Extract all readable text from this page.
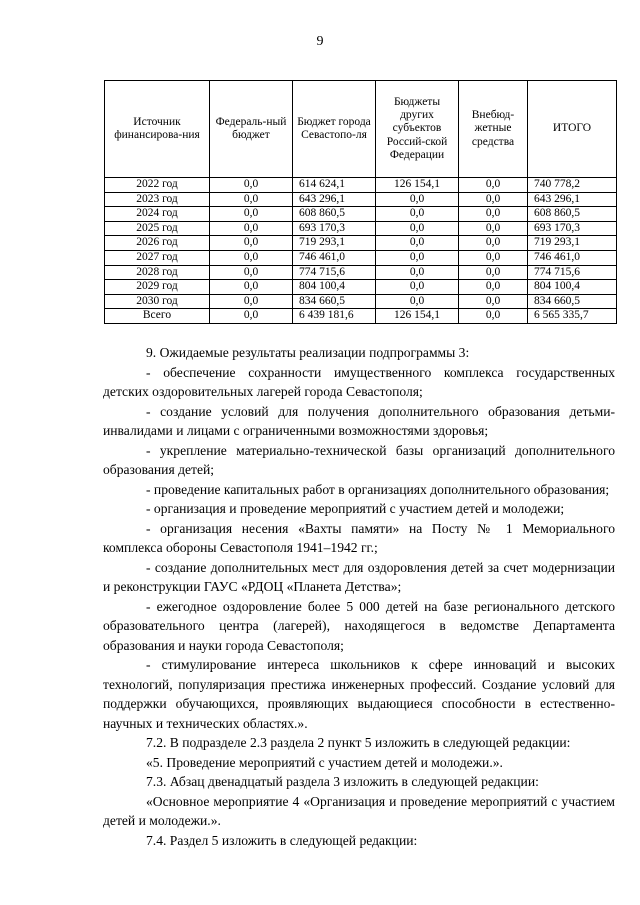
9
Источник финансирова-ния	Федераль-ный бюджет	Бюджет города Севастопо-ля	Бюджеты других субъектов Россий-ской Федерации	Внебюд-жетные средства	ИТОГО
2022 год	0,0	614 624,1	126 154,1	0,0	740 778,2
2023 год	0,0	643 296,1	0,0	0,0	643 296,1
2024 год	0,0	608 860,5	0,0	0,0	608 860,5
2025 год	0,0	693 170,3	0,0	0,0	693 170,3
2026 год	0,0	719 293,1	0,0	0,0	719 293,1
2027 год	0,0	746 461,0	0,0	0,0	746 461,0
2028 год	0,0	774 715,6	0,0	0,0	774 715,6
2029 год	0,0	804 100,4	0,0	0,0	804 100,4
2030 год	0,0	834 660,5	0,0	0,0	834 660,5
Всего	0,0	6 439 181,6	126 154,1	0,0	6 565 335,7

9. Ожидаемые результаты реализации подпрограммы 3:

- обеспечение сохранности имущественного комплекса государственных детских оздоровительных лагерей города Севастополя;

- создание условий для получения дополнительного образования детьми-инвалидами и лицами с ограниченными возможностями здоровья;

- укрепление материально-технической базы организаций дополнительного образования детей;

- проведение капитальных работ в организациях дополнительного образования;

- организация и проведение мероприятий с участием детей и молодежи;

- организация несения «Вахты памяти» на Посту № 1 Мемориального комплекса обороны Севастополя 1941–1942 гг.;

- создание дополнительных мест для оздоровления детей за счет модернизации и реконструкции ГАУС «РДОЦ «Планета Детства»;

- ежегодное оздоровление более 5 000 детей на базе регионального детского образовательного центра (лагерей), находящегося в ведомстве Департамента образования и науки города Севастополя;

- стимулирование интереса школьников к сфере инноваций и высоких технологий, популяризация престижа инженерных профессий. Создание условий для поддержки обучающихся, проявляющих выдающиеся способности в естественно-научных и технических областях.».

7.2. В подразделе 2.3 раздела 2 пункт 5 изложить в следующей редакции:

«5. Проведение мероприятий с участием детей и молодежи.».

7.3. Абзац двенадцатый раздела 3 изложить в следующей редакции:

«Основное мероприятие 4 «Организация и проведение мероприятий с участием детей и молодежи.».

7.4. Раздел 5 изложить в следующей редакции:
